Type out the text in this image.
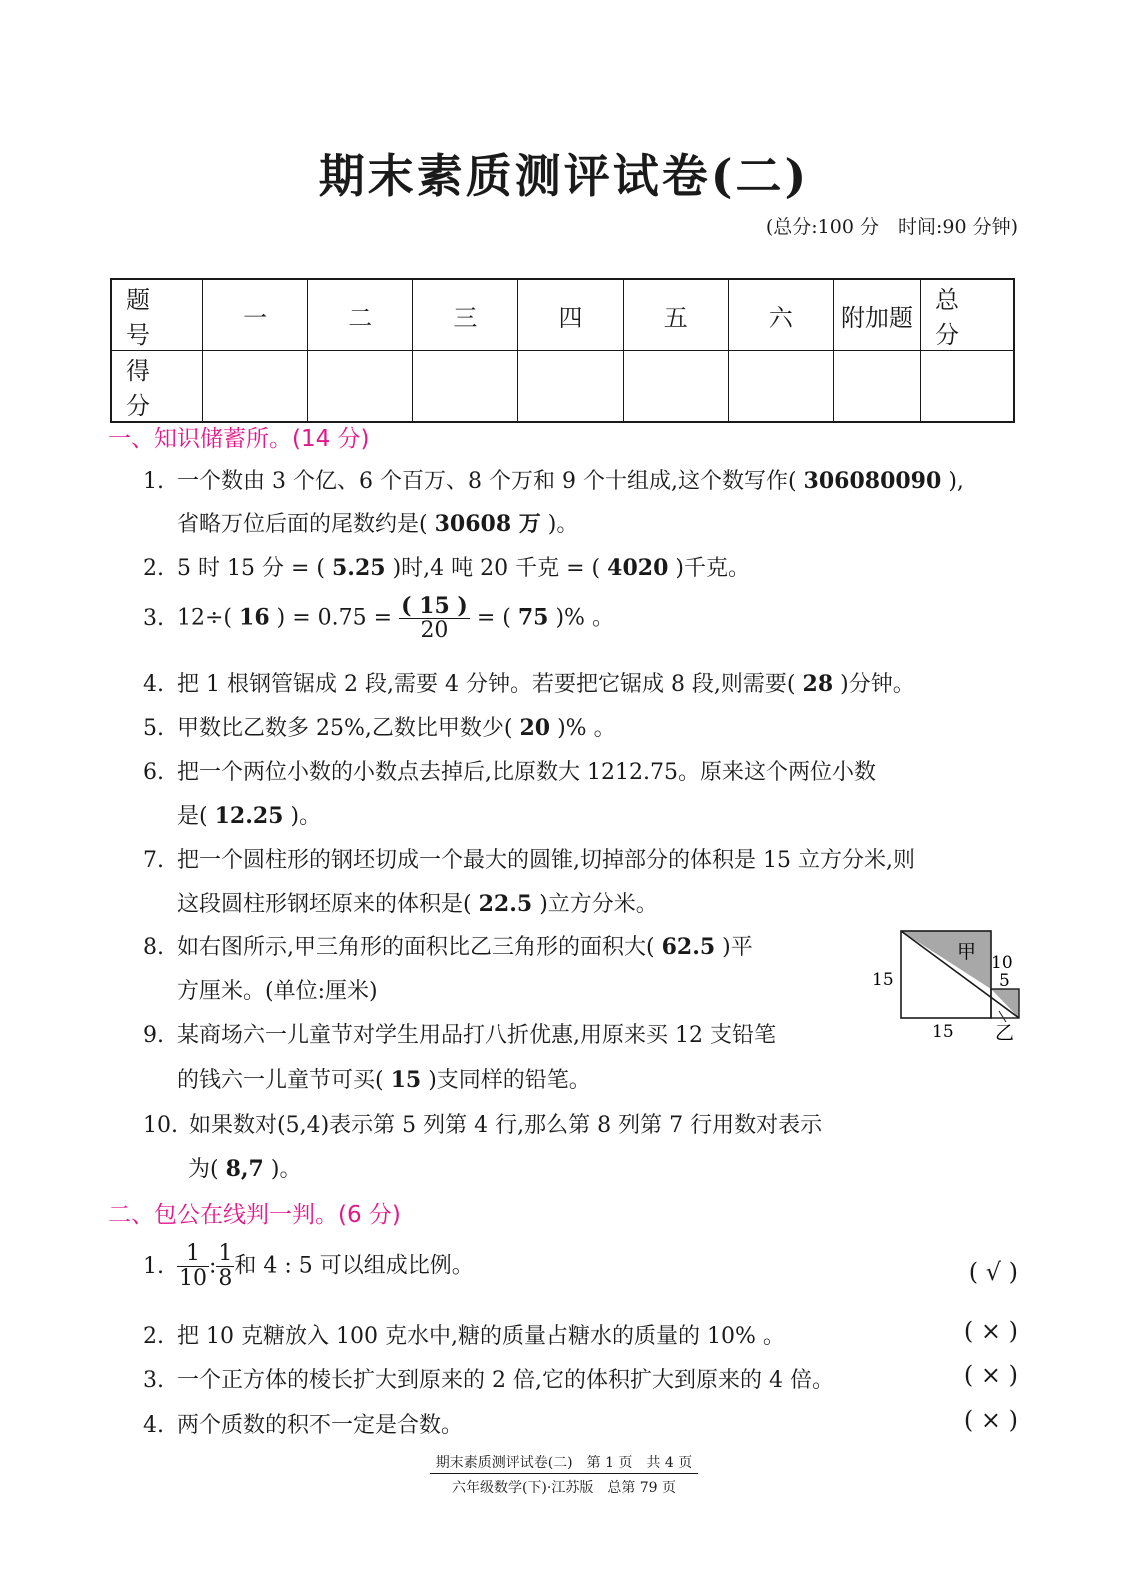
期末素质测评试卷(二)
(总分:100 分　时间:90 分钟)
题　号	一	二	三	四	五	六	附加题	总　分
得　分								
一、知识储蓄所。(14 分)
1. 一个数由 3 个亿、6 个百万、8 个万和 9 个十组成,这个数写作( 306080090 ),
省略万位后面的尾数约是( 30608 万 )。
2. 5 时 15 分 = ( 5.25 )时,4 吨 20 千克 = ( 4020 )千克。
3. 12÷( 16 ) = $0.75 = \frac{( 15 )}{20}$ = ( 75 )% 。
4. 把 1 根钢管锯成 2 段,需要 4 分钟。若要把它锯成 8 段,则需要( 28 )分钟。
5. 甲数比乙数多 25%,乙数比甲数少( 20 )% 。
6. 把一个两位小数的小数点去掉后,比原数大 1212.75。原来这个两位小数
是( 12.25 )。
7. 把一个圆柱形的钢坯切成一个最大的圆锥,切掉部分的体积是 15 立方分米,则
这段圆柱形钢坯原来的体积是( 22.5 )立方分米。
8. 如右图所示,甲三角形的面积比乙三角形的面积大( 62.5 )平
方厘米。(单位:厘米)
9. 某商场六一儿童节对学生用品打八折优惠,用原来买 12 支铅笔
的钱六一儿童节可买( 15 )支同样的铅笔。
10. 如果数对(5,4)表示第 5 列第 4 行,那么第 8 列第 7 行用数对表示
为( 8,7 )。
甲
15
15
10
5
乙
二、包公在线判一判。(6 分)
1. $\frac{1}{10}$ : $\frac{1}{8}$ 和 4 : 5 可以组成比例。	( √ )
2. 把 10 克糖放入 100 克水中,糖的质量占糖水的质量的 10% 。	( × )
3. 一个正方体的棱长扩大到原来的 2 倍,它的体积扩大到原来的 4 倍。	( × )
4. 两个质数的积不一定是合数。	( × )
期末素质测评试卷(二)　第 1 页　共 4 页
六年级数学(下)·江苏版　总第 79 页
